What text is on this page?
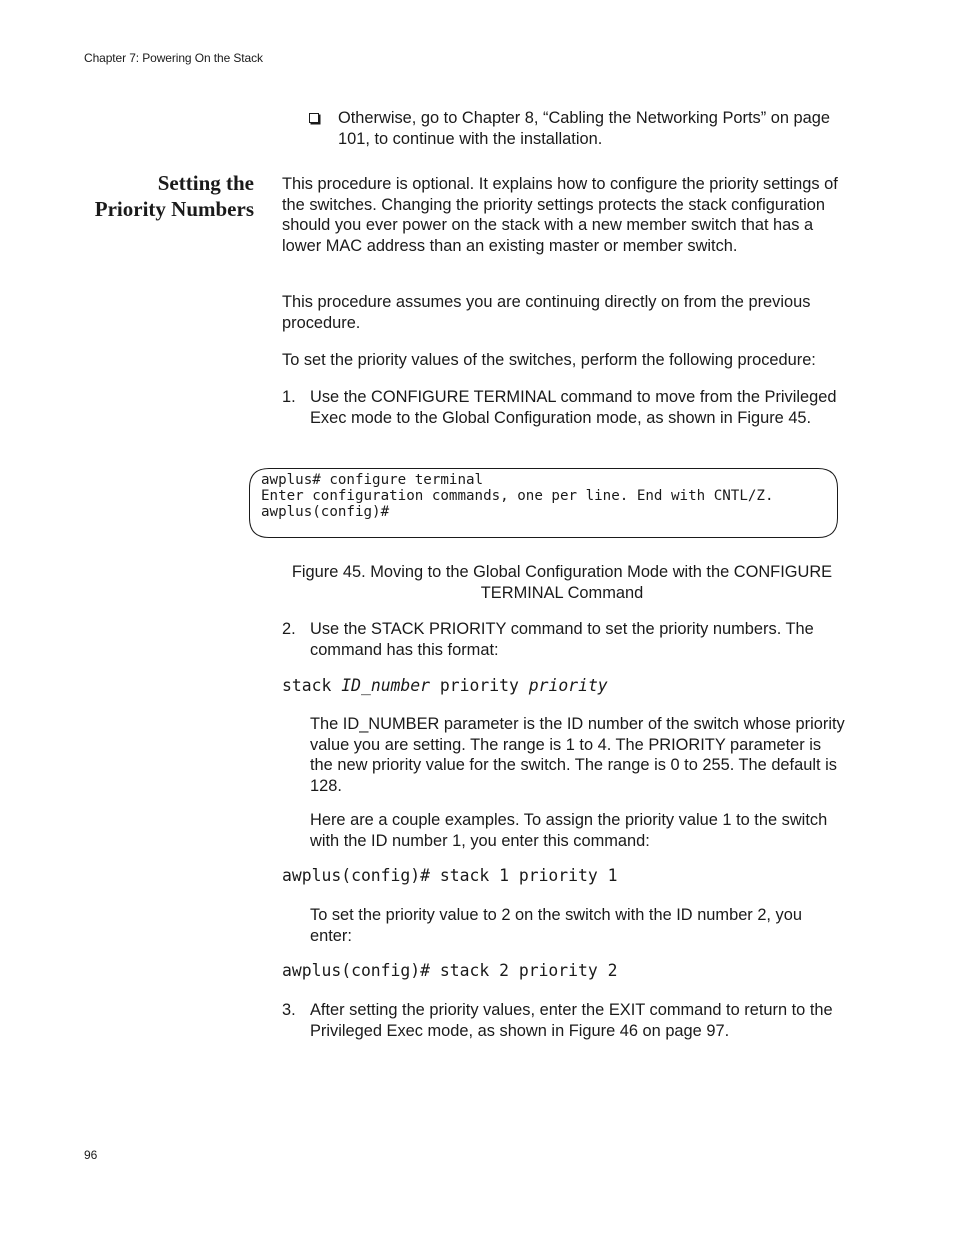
Chapter 7: Powering On the Stack
Otherwise, go to Chapter 8, “Cabling the Networking Ports” on page 101, to continue with the installation.
Setting the
Priority Numbers
This procedure is optional. It explains how to configure the priority settings of the switches. Changing the priority settings protects the stack configuration should you ever power on the stack with a new member switch that has a lower MAC address than an existing master or member switch.
This procedure assumes you are continuing directly on from the previous procedure.
To set the priority values of the switches, perform the following procedure:
1. Use the CONFIGURE TERMINAL command to move from the Privileged Exec mode to the Global Configuration mode, as shown in Figure 45.
awplus# configure terminal
Enter configuration commands, one per line. End with CNTL/Z.
awplus(config)#
Figure 45. Moving to the Global Configuration Mode with the CONFIGURE
TERMINAL Command
2. Use the STACK PRIORITY command to set the priority numbers. The command has this format:
stack ID_number priority priority
The ID_NUMBER parameter is the ID number of the switch whose priority value you are setting. The range is 1 to 4. The PRIORITY parameter is the new priority value for the switch. The range is 0 to 255. The default is 128.
Here are a couple examples. To assign the priority value 1 to the switch with the ID number 1, you enter this command:
awplus(config)# stack 1 priority 1
To set the priority value to 2 on the switch with the ID number 2, you enter:
awplus(config)# stack 2 priority 2
3. After setting the priority values, enter the EXIT command to return to the Privileged Exec mode, as shown in Figure 46 on page 97.
96
